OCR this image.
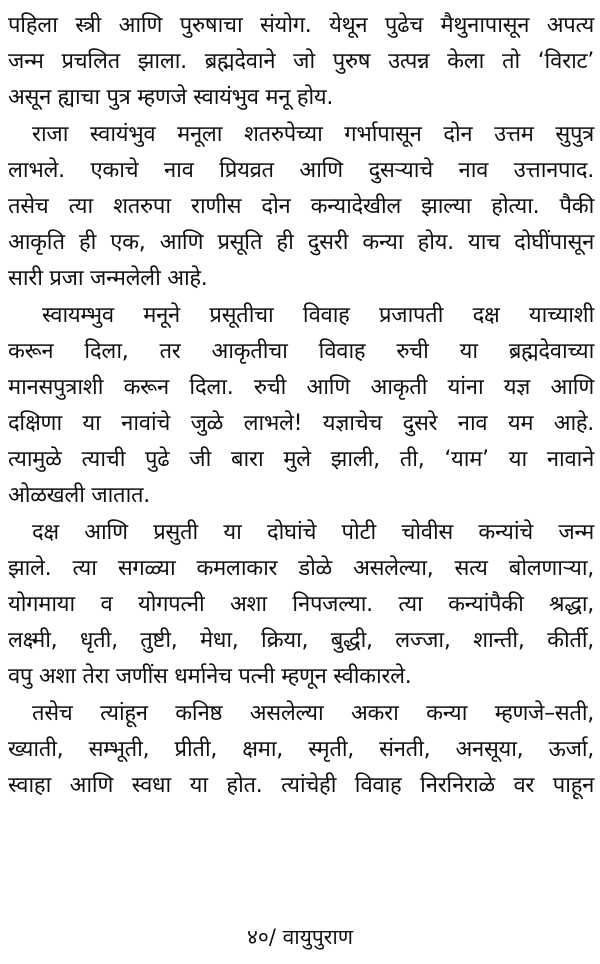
पहिला स्त्री आणि पुरुषाचा संयोग. येथून पुढेच मैथुनापासून अपत्य
जन्म प्रचलित झाला. ब्रह्मदेवाने जो पुरुष उत्पन्न केला तो ‘विराट’
असून ह्याचा पुत्र म्हणजे स्वायंभुव मनू होय.
राजा स्वायंभुव मनूला शतरुपेच्या गर्भापासून दोन उत्तम सुपुत्र
लाभले. एकाचे नाव प्रियव्रत आणि दुसऱ्याचे नाव उत्तानपाद.
तसेच त्या शतरुपा राणीस दोन कन्यादेखील झाल्या होत्या. पैकी
आकृति ही एक, आणि प्रसूति ही दुसरी कन्या होय. याच दोघींपासून
सारी प्रजा जन्मलेली आहे.
स्वायम्भुव मनूने प्रसूतीचा विवाह प्रजापती दक्ष याच्याशी
करून दिला, तर आकृतीचा विवाह रुची या ब्रह्मदेवाच्या
मानसपुत्राशी करून दिला. रुची आणि आकृती यांना यज्ञ आणि
दक्षिणा या नावांचे जुळे लाभले! यज्ञाचेच दुसरे नाव यम आहे.
त्यामुळे त्याची पुढे जी बारा मुले झाली, ती, ‘याम’ या नावाने
ओळखली जातात.
दक्ष आणि प्रसुती या दोघांचे पोटी चोवीस कन्यांचे जन्म
झाले. त्या सगळ्या कमलाकार डोळे असलेल्या, सत्य बोलणाऱ्या,
योगमाया व योगपत्नी अशा निपजल्या. त्या कन्यांपैकी श्रद्धा,
लक्ष्मी, धृती, तुष्टी, मेधा, क्रिया, बुद्धी, लज्जा, शान्ती, कीर्ती,
वपु अशा तेरा जणींस धर्मानेच पत्नी म्हणून स्वीकारले.
तसेच त्यांहून कनिष्ठ असलेल्या अकरा कन्या म्हणजे–सती,
ख्याती, सम्भूती, प्रीती, क्षमा, स्मृती, संनती, अनसूया, ऊर्जा,
स्वाहा आणि स्वधा या होत. त्यांचेही विवाह निरनिराळे वर पाहून
४०/ वायुपुराण
